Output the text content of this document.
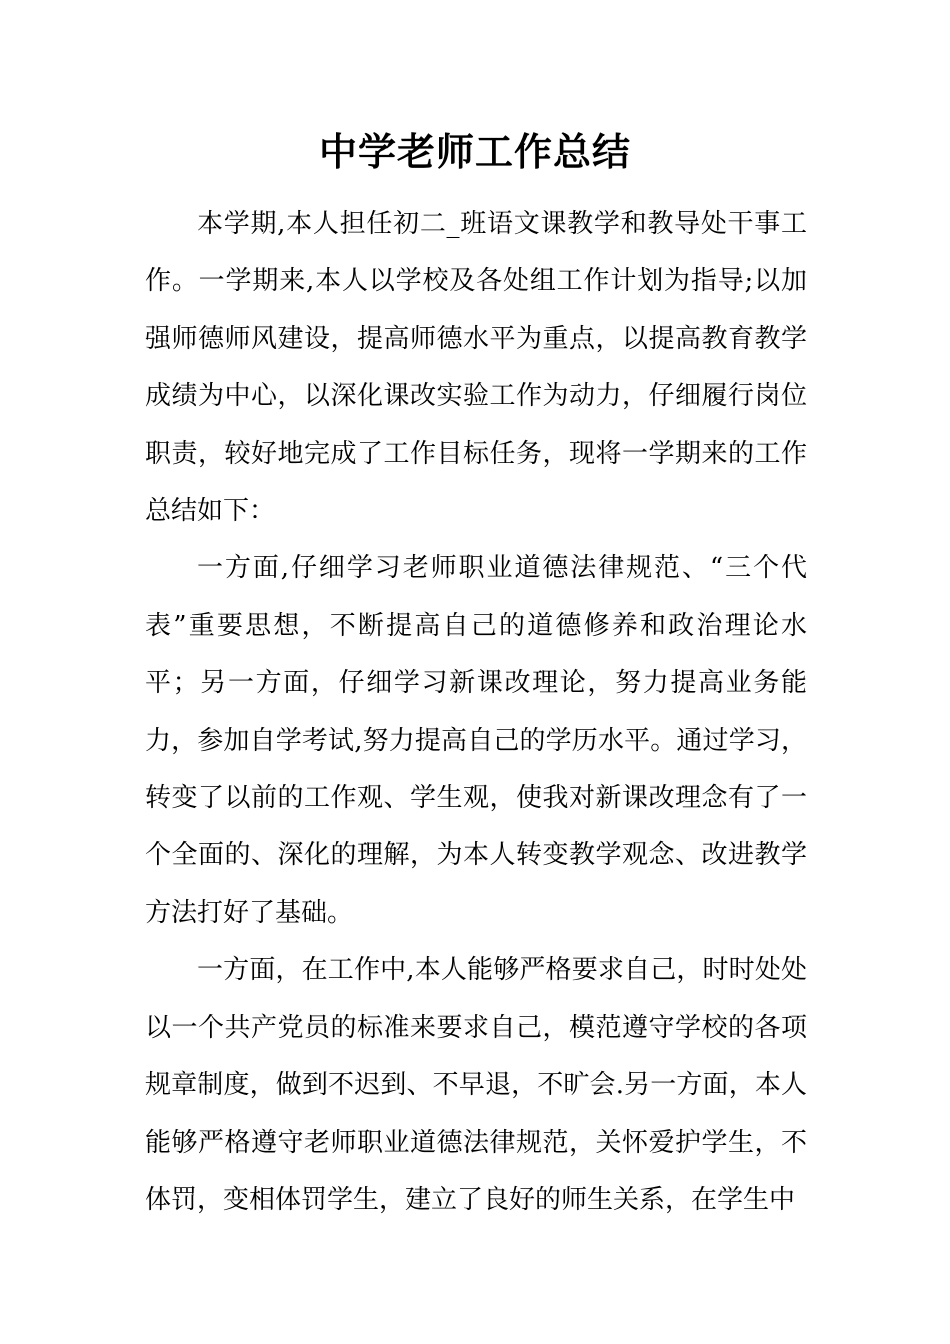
中学老师工作总结

本学期,本人担任初二_班语文课教学和教导处干事工作。一学期来,本人以学校及各处组工作计划为指导;以加强师德师风建设，提高师德水平为重点，以提高教育教学成绩为中心，以深化课改实验工作为动力，仔细履行岗位职责，较好地完成了工作目标任务，现将一学期来的工作总结如下：

一方面,仔细学习老师职业道德法律规范、“三个代表”重要思想，不断提高自己的道德修养和政治理论水平；另一方面，仔细学习新课改理论，努力提高业务能力，参加自学考试,努力提高自己的学历水平。通过学习，转变了以前的工作观、学生观，使我对新课改理念有了一个全面的、深化的理解，为本人转变教学观念、改进教学方法打好了基础。

一方面，在工作中,本人能够严格要求自己，时时处处以一个共产党员的标准来要求自己，模范遵守学校的各项规章制度，做到不迟到、不早退，不旷会.另一方面，本人能够严格遵守老师职业道德法律规范，关怀爱护学生，不体罚，变相体罚学生，建立了良好的师生关系，在学生中
